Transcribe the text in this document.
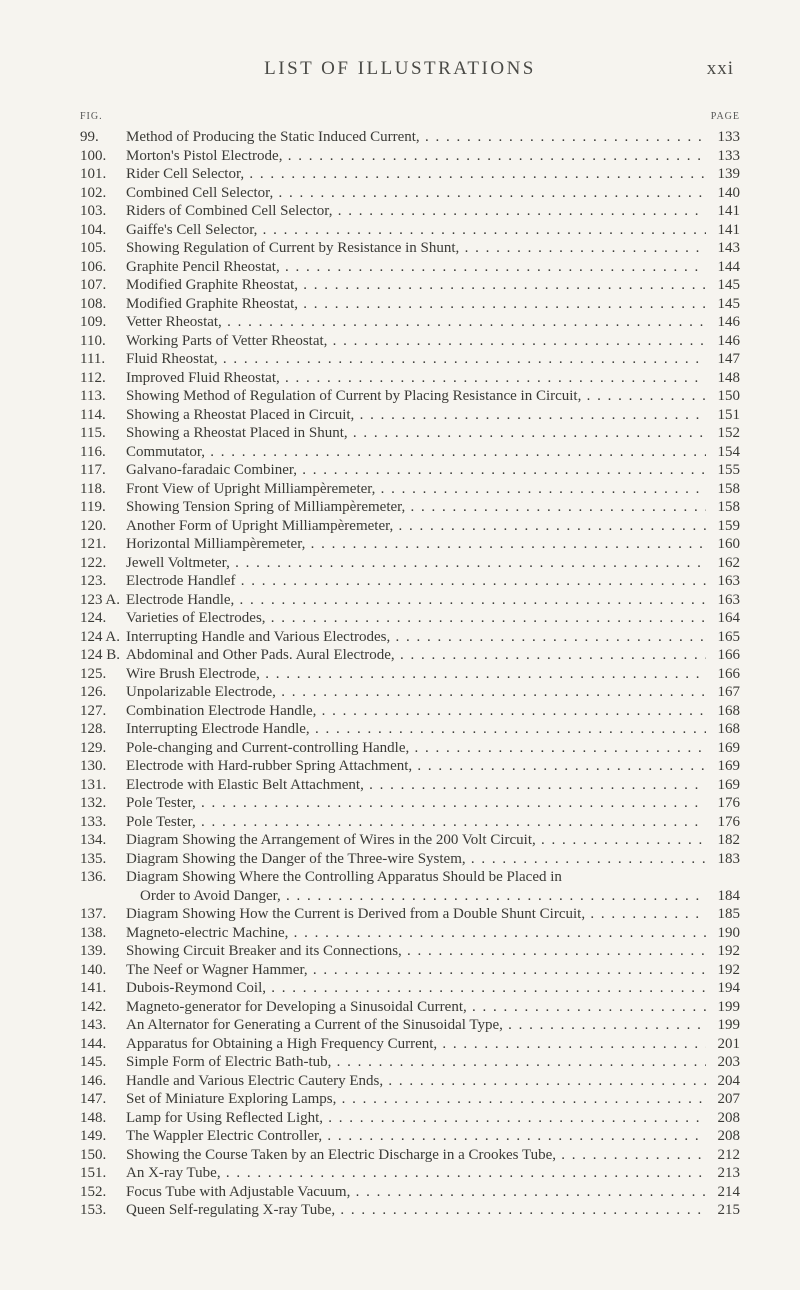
LIST OF ILLUSTRATIONS	xxi
FIG.	PAGE
99.	Method of Producing the Static Induced Current, . . .	133
100.	Morton's Pistol Electrode, . . .	133
101.	Rider Cell Selector, . . .	139
102.	Combined Cell Selector, . . .	140
103.	Riders of Combined Cell Selector, . . .	141
104.	Gaiffe's Cell Selector, . . .	141
105.	Showing Regulation of Current by Resistance in Shunt, . . .	143
106.	Graphite Pencil Rheostat, . . .	144
107.	Modified Graphite Rheostat, . . .	145
108.	Modified Graphite Rheostat, . . .	145
109.	Vetter Rheostat, . . .	146
110.	Working Parts of Vetter Rheostat, . . .	146
111.	Fluid Rheostat, . . .	147
112.	Improved Fluid Rheostat, . . .	148
113.	Showing Method of Regulation of Current by Placing Resistance in Circuit, . . .	150
114.	Showing a Rheostat Placed in Circuit, . . .	151
115.	Showing a Rheostat Placed in Shunt, . . .	152
116.	Commutator, . . .	154
117.	Galvano-faradaic Combiner, . . .	155
118.	Front View of Upright Milliampèremeter, . . .	158
119.	Showing Tension Spring of Milliampèremeter, . . .	158
120.	Another Form of Upright Milliampèremeter, . . .	159
121.	Horizontal Milliampèremeter, . . .	160
122.	Jewell Voltmeter, . . .	162
123.	Electrode Handlef . . .	163
123 A. Electrode Handle, . . .	163
124.	Varieties of Electrodes, . . .	164
124 A. Interrupting Handle and Various Electrodes, . . .	165
124 B. Abdominal and Other Pads. Aural Electrode, . . .	166
125.	Wire Brush Electrode, . . .	166
126.	Unpolarizable Electrode, . . .	167
127.	Combination Electrode Handle, . . .	168
128.	Interrupting Electrode Handle, . . .	168
129.	Pole-changing and Current-controlling Handle, . . .	169
130.	Electrode with Hard-rubber Spring Attachment, . . .	169
131.	Electrode with Elastic Belt Attachment, . . .	169
132.	Pole Tester, . . .	176
133.	Pole Tester, . . .	176
134.	Diagram Showing the Arrangement of Wires in the 200 Volt Circuit, . . .	182
135.	Diagram Showing the Danger of the Three-wire System, . . .	183
136.	Diagram Showing Where the Controlling Apparatus Should be Placed in
Order to Avoid Danger, . . .	184
137.	Diagram Showing How the Current is Derived from a Double Shunt Circuit, . . .	185
138.	Magneto-electric Machine, . . .	190
139.	Showing Circuit Breaker and its Connections, . . .	192
140.	The Neef or Wagner Hammer, . . .	192
141.	Dubois-Reymond Coil, . . .	194
142.	Magneto-generator for Developing a Sinusoidal Current, . . .	199
143.	An Alternator for Generating a Current of the Sinusoidal Type, . . .	199
144.	Apparatus for Obtaining a High Frequency Current, . . .	201
145.	Simple Form of Electric Bath-tub, . . .	203
146.	Handle and Various Electric Cautery Ends, . . .	204
147.	Set of Miniature Exploring Lamps, . . .	207
148.	Lamp for Using Reflected Light, . . .	208
149.	The Wappler Electric Controller, . . .	208
150.	Showing the Course Taken by an Electric Discharge in a Crookes Tube, . . .	212
151.	An X-ray Tube, . . .	213
152.	Focus Tube with Adjustable Vacuum, . . .	214
153.	Queen Self-regulating X-ray Tube, . . .	215
